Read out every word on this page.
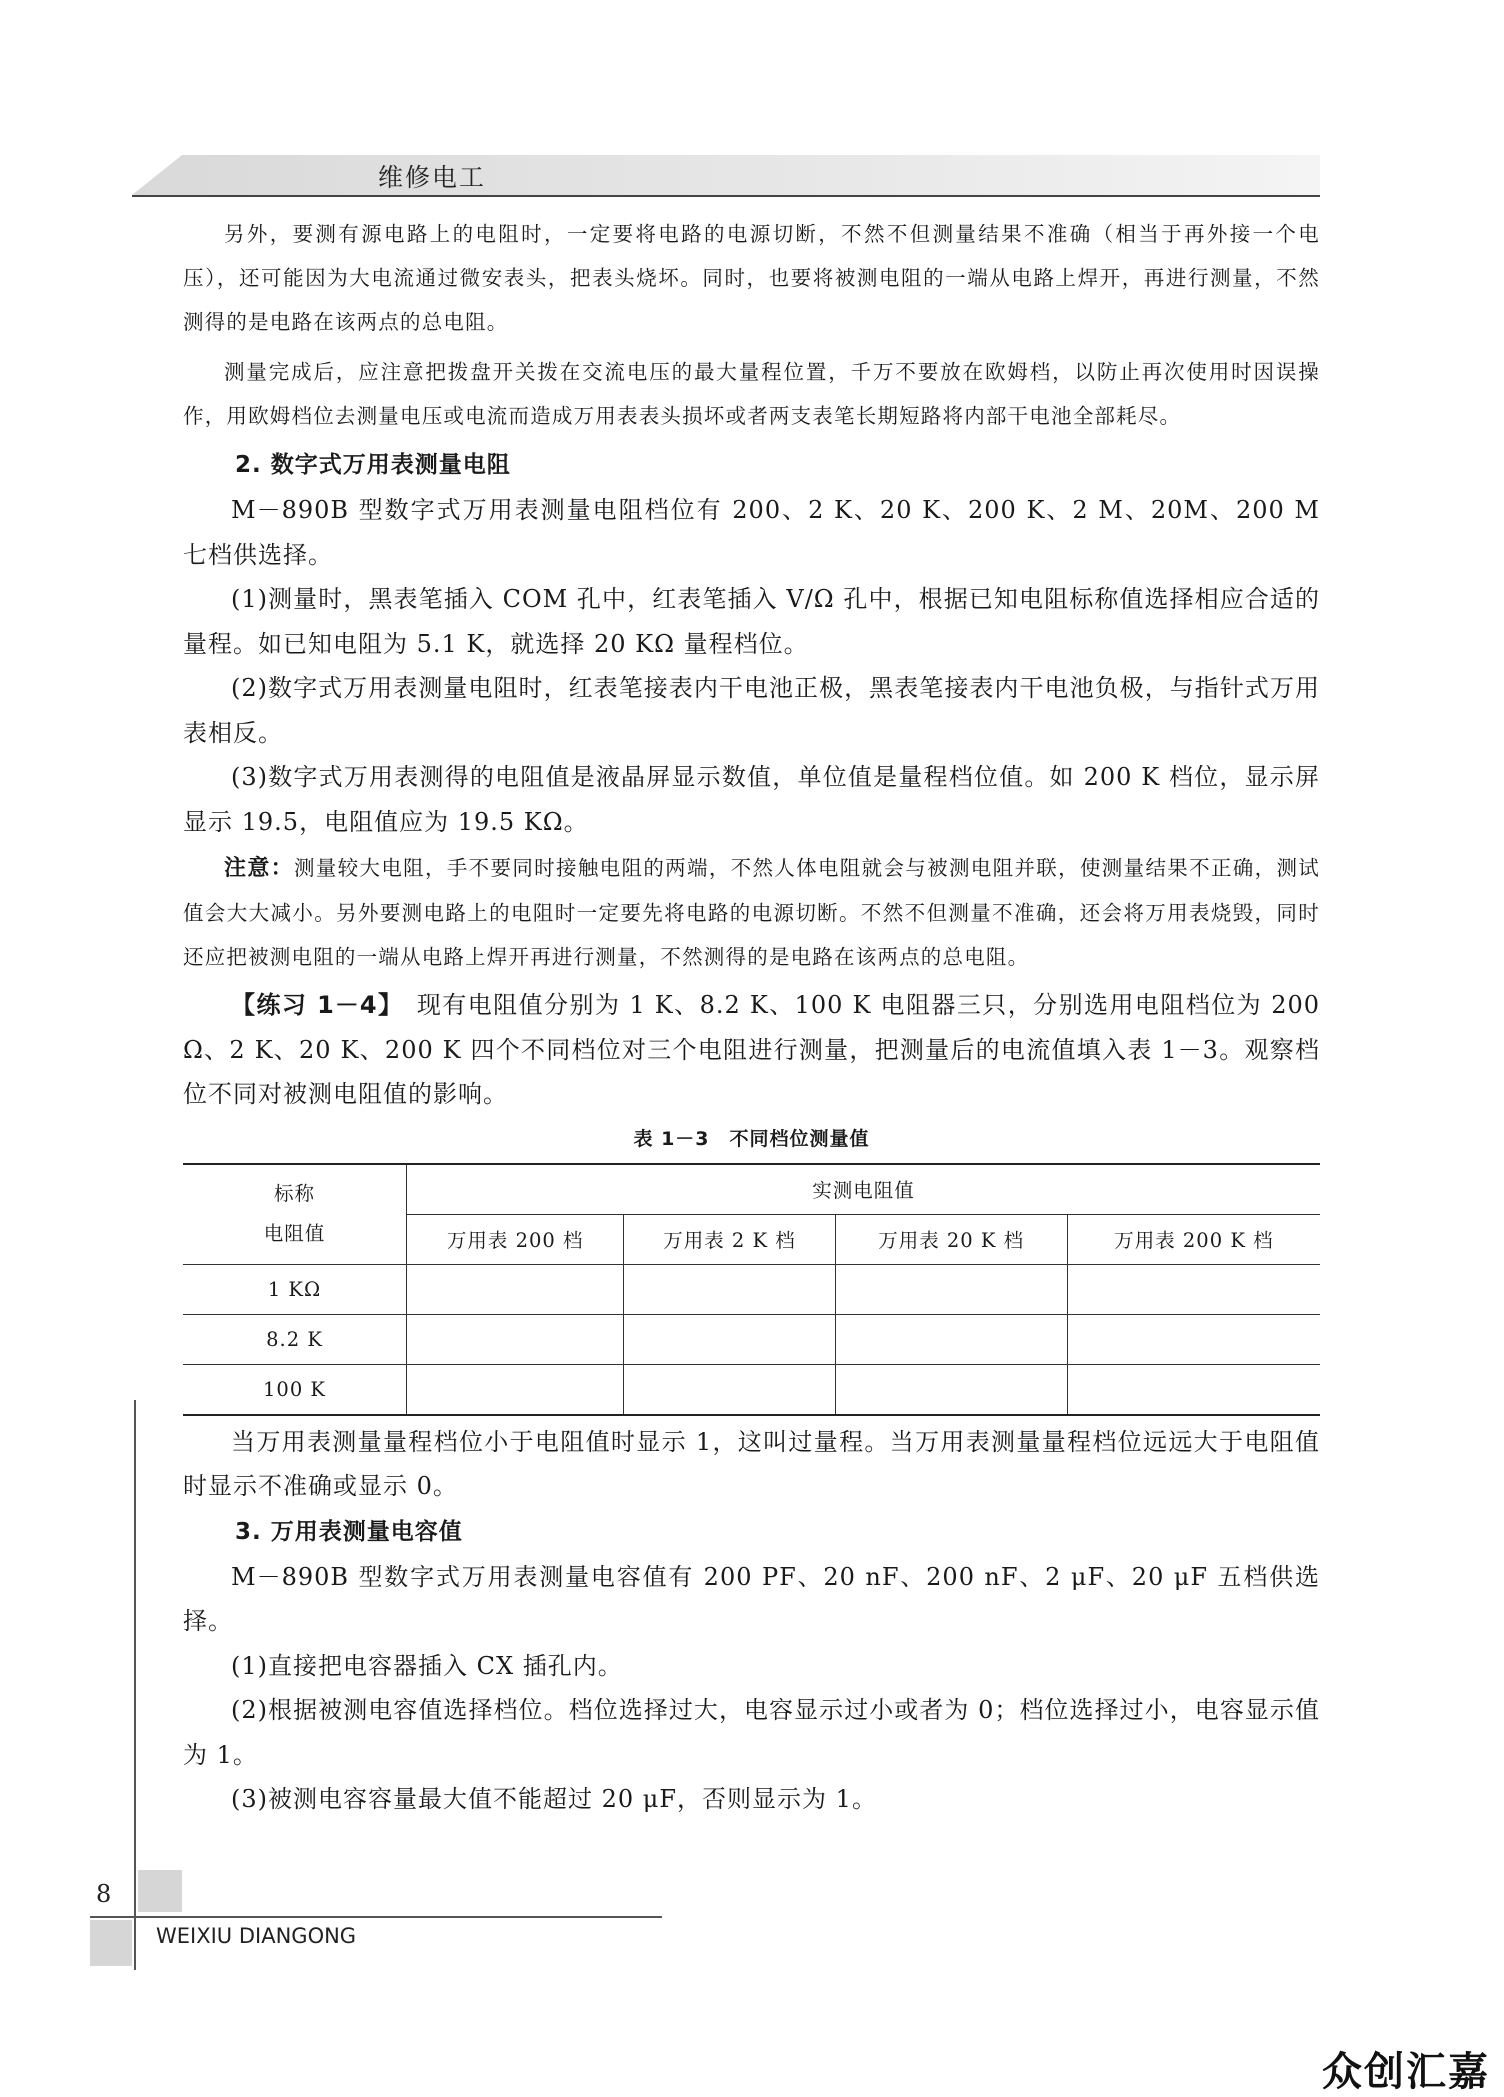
维修电工

另外，要测有源电路上的电阻时，一定要将电路的电源切断，不然不但测量结果不准确（相当于再外接一个电压），还可能因为大电流通过微安表头，把表头烧坏。同时，也要将被测电阻的一端从电路上焊开，再进行测量，不然测得的是电路在该两点的总电阻。

测量完成后，应注意把拨盘开关拨在交流电压的最大量程位置，千万不要放在欧姆档，以防止再次使用时因误操作，用欧姆档位去测量电压或电流而造成万用表表头损坏或者两支表笔长期短路将内部干电池全部耗尽。

2. 数字式万用表测量电阻

M－890B 型数字式万用表测量电阻档位有 200、2 K、20 K、200 K、2 M、20M、200 M 七档供选择。

(1)测量时，黑表笔插入 COM 孔中，红表笔插入 V/Ω 孔中，根据已知电阻标称值选择相应合适的量程。如已知电阻为 5.1 K，就选择 20 KΩ 量程档位。

(2)数字式万用表测量电阻时，红表笔接表内干电池正极，黑表笔接表内干电池负极，与指针式万用表相反。

(3)数字式万用表测得的电阻值是液晶屏显示数值，单位值是量程档位值。如 200 K 档位，显示屏显示 19.5，电阻值应为 19.5 KΩ。

注意：测量较大电阻，手不要同时接触电阻的两端，不然人体电阻就会与被测电阻并联，使测量结果不正确，测试值会大大减小。另外要测电路上的电阻时一定要先将电路的电源切断。不然不但测量不准确，还会将万用表烧毁，同时还应把被测电阻的一端从电路上焊开再进行测量，不然测得的是电路在该两点的总电阻。

【练习 1－4】　 现有电阻值分别为 1 K、8.2 K、100 K 电阻器三只，分别选用电阻档位为 200 Ω、2 K、20 K、200 K 四个不同档位对三个电阻进行测量，把测量后的电流值填入表 1－3。观察档位不同对被测电阻值的影响。

表 1－3　不同档位测量值
标称
电阻值	实测电阻值			
	万用表 200 档	万用表 2 K 档	万用表 20 K 档	万用表 200 K 档
1 KΩ				
8.2 K				
100 K				

当万用表测量量程档位小于电阻值时显示 1，这叫过量程。当万用表测量量程档位远远大于电阻值时显示不准确或显示 0。

3. 万用表测量电容值

M－890B 型数字式万用表测量电容值有 200 PF、20 nF、200 nF、2 μF、20 μF 五档供选择。

(1)直接把电容器插入 CX 插孔内。

(2)根据被测电容值选择档位。档位选择过大，电容显示过小或者为 0；档位选择过小，电容显示值为 1。

(3)被测电容容量最大值不能超过 20 μF，否则显示为 1。

8
WEIXIU DIANGONG
众创汇嘉
